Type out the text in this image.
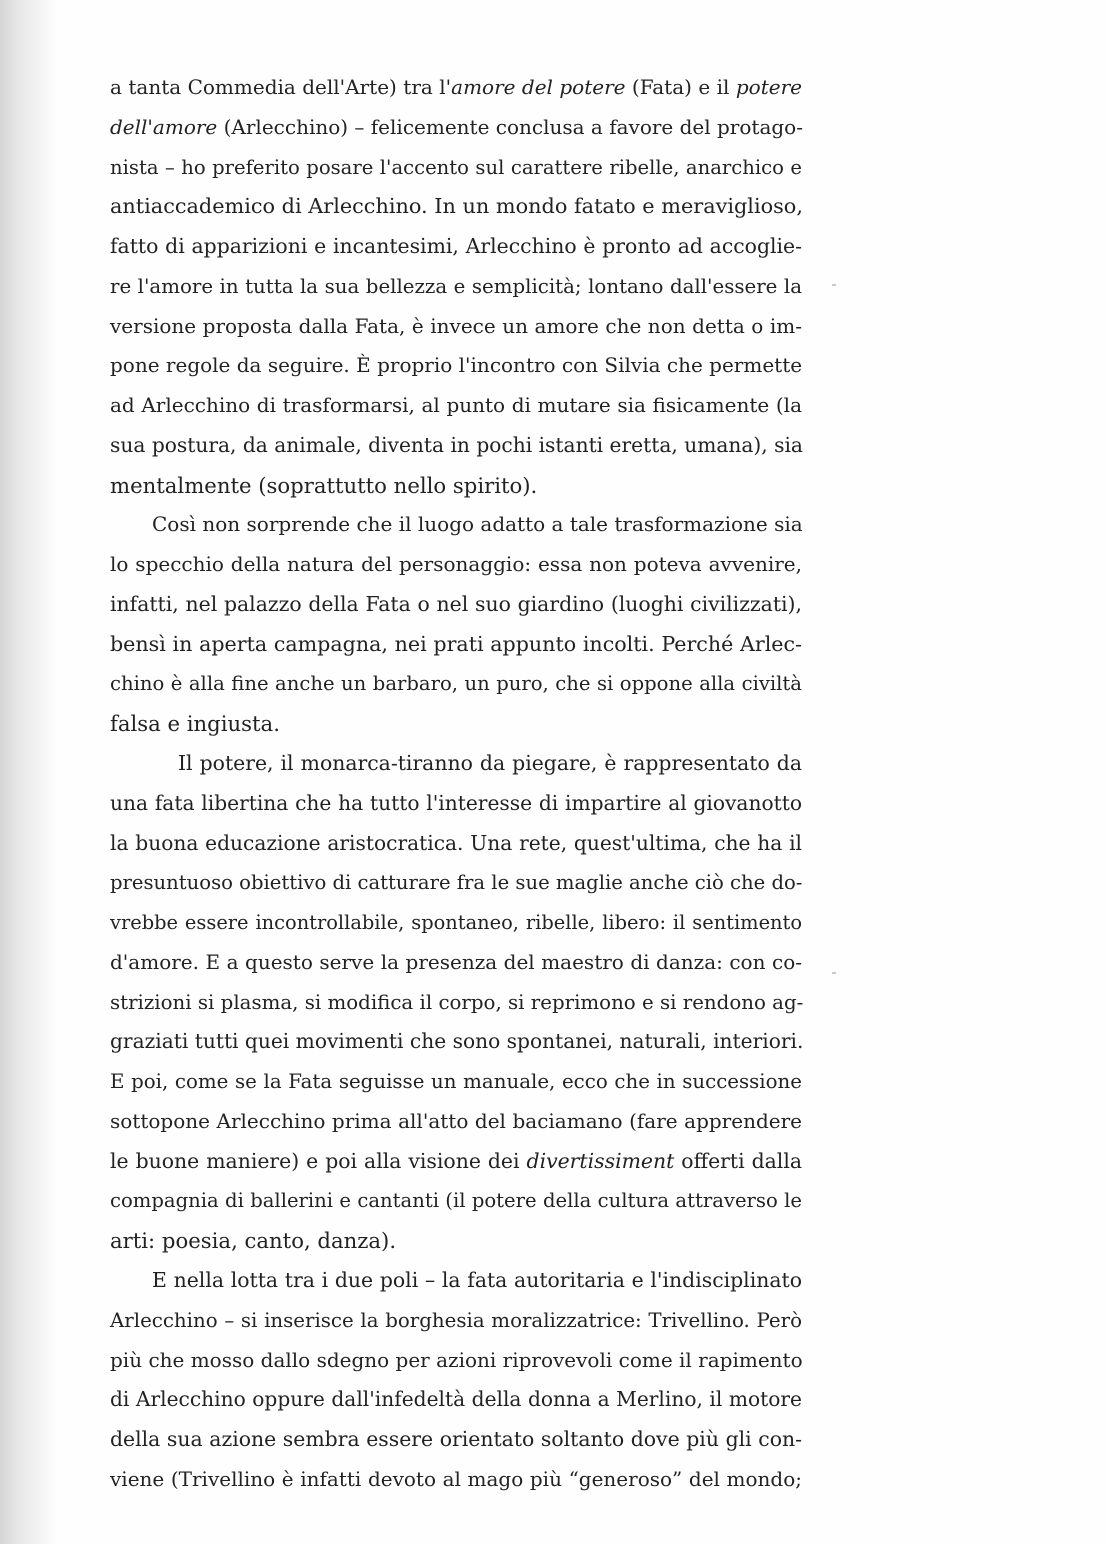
a tanta Commedia dell'Arte) tra l'amore del potere (Fata) e il potere
dell'amore (Arlecchino) – felicemente conclusa a favore del protago-
nista – ho preferito posare l'accento sul carattere ribelle, anarchico e
antiaccademico di Arlecchino. In un mondo fatato e meraviglioso,
fatto di apparizioni e incantesimi, Arlecchino è pronto ad accoglie-
re l'amore in tutta la sua bellezza e semplicità; lontano dall'essere la
versione proposta dalla Fata, è invece un amore che non detta o im-
pone regole da seguire. È proprio l'incontro con Silvia che permette
ad Arlecchino di trasformarsi, al punto di mutare sia fisicamente (la
sua postura, da animale, diventa in pochi istanti eretta, umana), sia
mentalmente (soprattutto nello spirito).
Così non sorprende che il luogo adatto a tale trasformazione sia
lo specchio della natura del personaggio: essa non poteva avvenire,
infatti, nel palazzo della Fata o nel suo giardino (luoghi civilizzati),
bensì in aperta campagna, nei prati appunto incolti. Perché Arlec-
chino è alla fine anche un barbaro, un puro, che si oppone alla civiltà
falsa e ingiusta.
Il potere, il monarca-tiranno da piegare, è rappresentato da
una fata libertina che ha tutto l'interesse di impartire al giovanotto
la buona educazione aristocratica. Una rete, quest'ultima, che ha il
presuntuoso obiettivo di catturare fra le sue maglie anche ciò che do-
vrebbe essere incontrollabile, spontaneo, ribelle, libero: il sentimento
d'amore. E a questo serve la presenza del maestro di danza: con co-
strizioni si plasma, si modifica il corpo, si reprimono e si rendono ag-
graziati tutti quei movimenti che sono spontanei, naturali, interiori.
E poi, come se la Fata seguisse un manuale, ecco che in successione
sottopone Arlecchino prima all'atto del baciamano (fare apprendere
le buone maniere) e poi alla visione dei divertissiment offerti dalla
compagnia di ballerini e cantanti (il potere della cultura attraverso le
arti: poesia, canto, danza).
E nella lotta tra i due poli – la fata autoritaria e l'indisciplinato
Arlecchino – si inserisce la borghesia moralizzatrice: Trivellino. Però
più che mosso dallo sdegno per azioni riprovevoli come il rapimento
di Arlecchino oppure dall'infedeltà della donna a Merlino, il motore
della sua azione sembra essere orientato soltanto dove più gli con-
viene (Trivellino è infatti devoto al mago più “generoso” del mondo;
